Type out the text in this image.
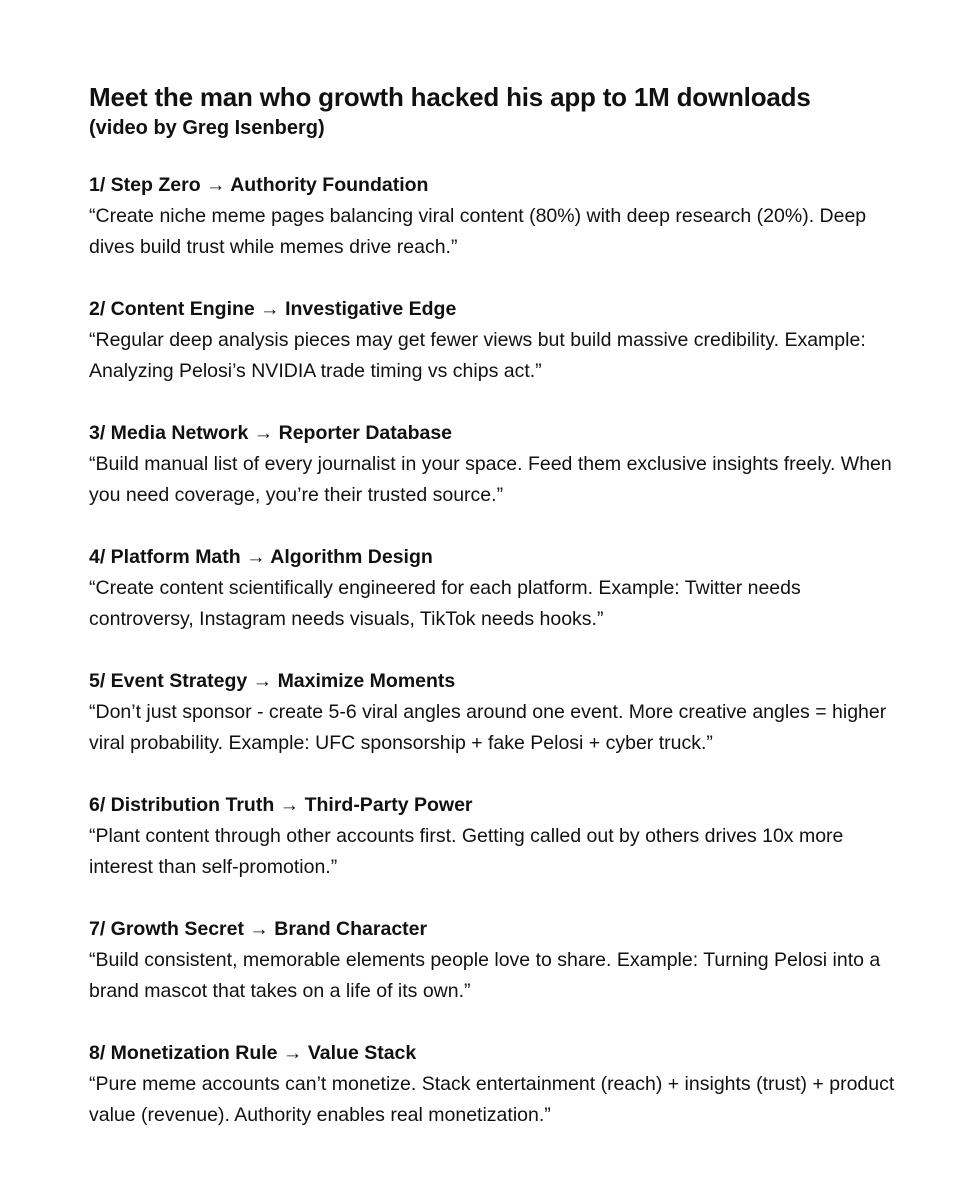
Meet the man who growth hacked his app to 1M downloads

(video by Greg Isenberg)

1/ Step Zero → Authority Foundation

“Create niche meme pages balancing viral content (80%) with deep research (20%). Deep dives build trust while memes drive reach.”

2/ Content Engine → Investigative Edge

“Regular deep analysis pieces may get fewer views but build massive credibility. Example: Analyzing Pelosi’s NVIDIA trade timing vs chips act.”

3/ Media Network → Reporter Database

“Build manual list of every journalist in your space. Feed them exclusive insights freely. When you need coverage, you’re their trusted source.”

4/ Platform Math → Algorithm Design

“Create content scientifically engineered for each platform. Example: Twitter needs controversy, Instagram needs visuals, TikTok needs hooks.”

5/ Event Strategy → Maximize Moments

“Don’t just sponsor - create 5-6 viral angles around one event. More creative angles = higher viral probability. Example: UFC sponsorship + fake Pelosi + cyber truck.”

6/ Distribution Truth → Third-Party Power

“Plant content through other accounts first. Getting called out by others drives 10x more interest than self-promotion.”

7/ Growth Secret → Brand Character

“Build consistent, memorable elements people love to share. Example: Turning Pelosi into a brand mascot that takes on a life of its own.”

8/ Monetization Rule → Value Stack

“Pure meme accounts can’t monetize. Stack entertainment (reach) + insights (trust) + product value (revenue). Authority enables real monetization.”
